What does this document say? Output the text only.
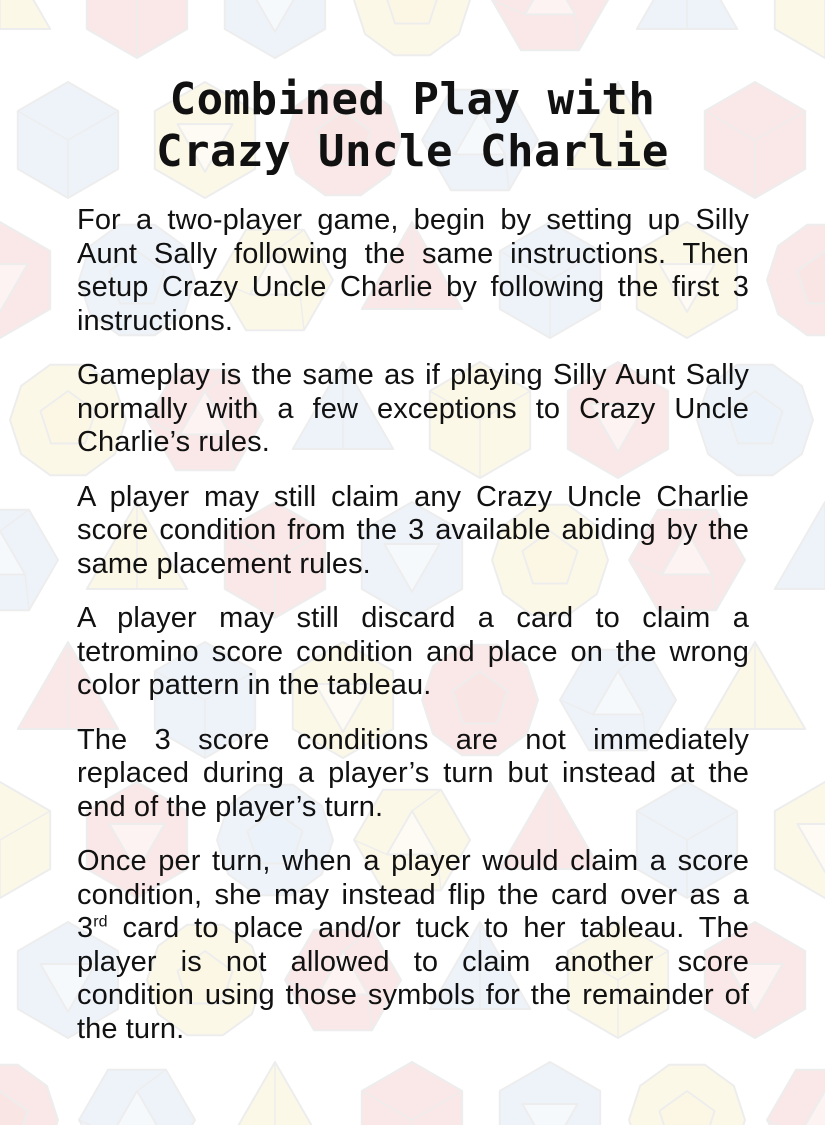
Combined Play with
Crazy Uncle Charlie

For a two-player game, begin by setting up Silly Aunt Sally following the same instructions. Then setup Crazy Uncle Charlie by following the first 3 instructions.

Gameplay is the same as if playing Silly Aunt Sally normally with a few exceptions to Crazy Uncle Charlie’s rules.

A player may still claim any Crazy Uncle Charlie score condition from the 3 available abiding by the same placement rules.

A player may still discard a card to claim a tetromino score condition and place on the wrong color pattern in the tableau.

The 3 score conditions are not immediately replaced during a player’s turn but instead at the end of the player’s turn.

Once per turn, when a player would claim a score condition, she may instead flip the card over as a 3rd card to place and/or tuck to her tableau. The player is not allowed to claim another score condition using those symbols for the remainder of the turn.
